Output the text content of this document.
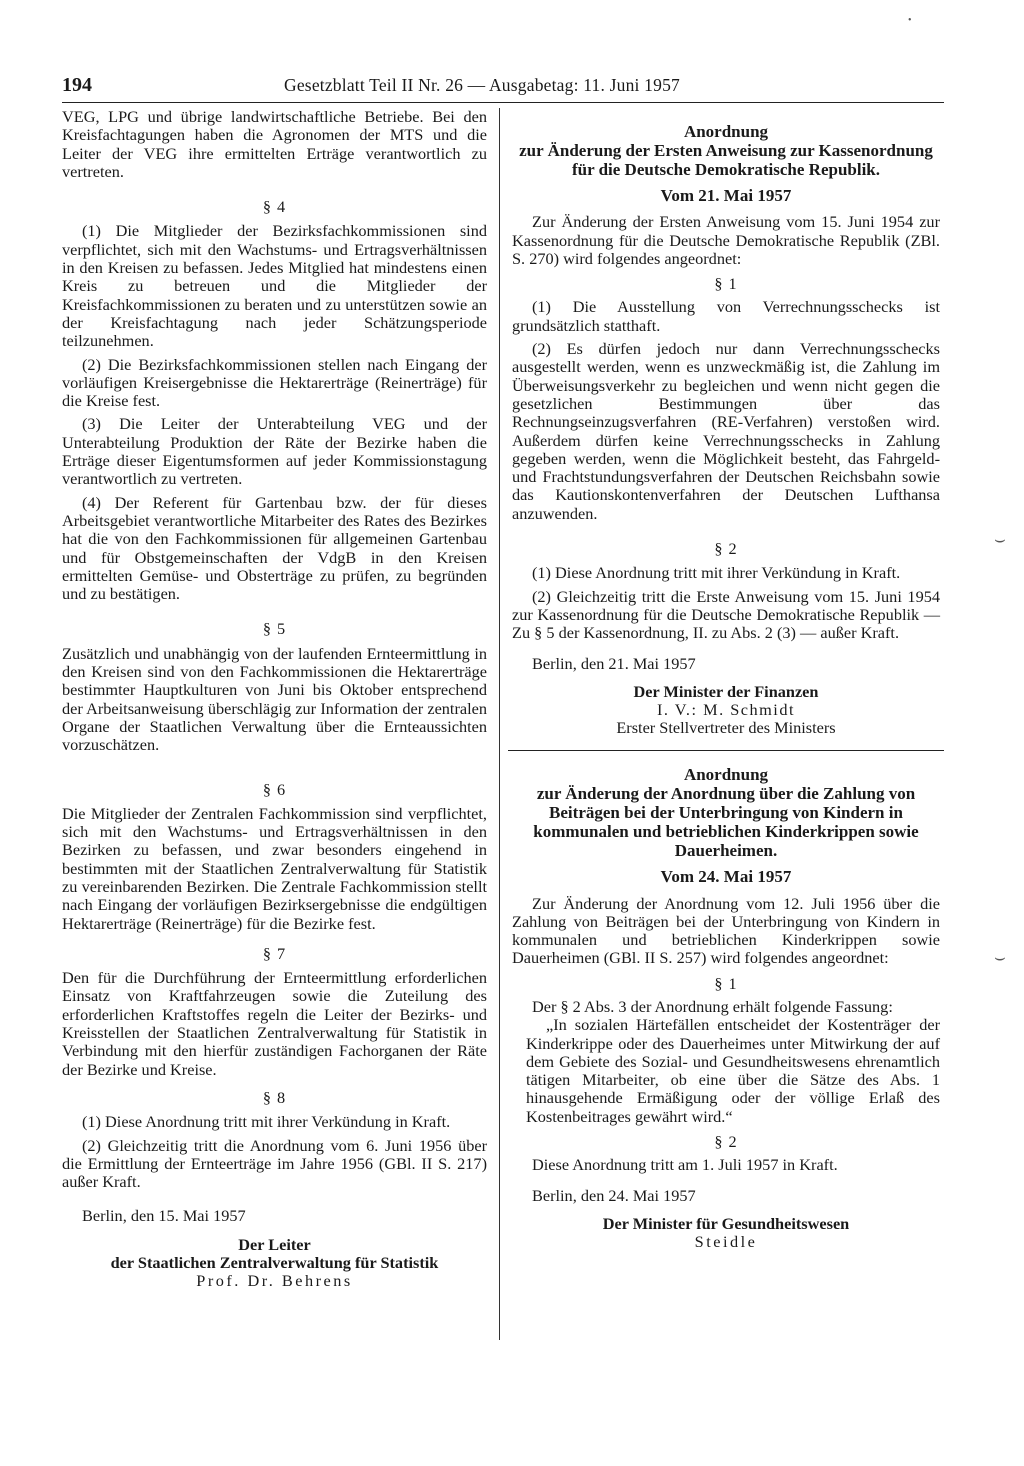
194	Gesetzblatt Teil II Nr. 26 — Ausgabetag: 11. Juni 1957

VEG, LPG und übrige landwirtschaftliche Betriebe. Bei den Kreisfachtagungen haben die Agronomen der MTS und die Leiter der VEG ihre ermittelten Erträge verantwortlich zu vertreten.

§ 4

(1) Die Mitglieder der Bezirksfachkommissionen sind verpflichtet, sich mit den Wachstums- und Ertragsverhältnissen in den Kreisen zu befassen. Jedes Mitglied hat mindestens einen Kreis zu betreuen und die Mitglieder der Kreisfachkommissionen zu beraten und zu unterstützen sowie an der Kreisfachtagung nach jeder Schätzungsperiode teilzunehmen.

(2) Die Bezirksfachkommissionen stellen nach Eingang der vorläufigen Kreisergebnisse die Hektarerträge (Reinerträge) für die Kreise fest.

(3) Die Leiter der Unterabteilung VEG und der Unterabteilung Produktion der Räte der Bezirke haben die Erträge dieser Eigentumsformen auf jeder Kommissionstagung verantwortlich zu vertreten.

(4) Der Referent für Gartenbau bzw. der für dieses Arbeitsgebiet verantwortliche Mitarbeiter des Rates des Bezirkes hat die von den Fachkommissionen für allgemeinen Gartenbau und für Obstgemeinschaften der VdgB in den Kreisen ermittelten Gemüse- und Obsterträge zu prüfen, zu begründen und zu bestätigen.

§ 5

Zusätzlich und unabhängig von der laufenden Ernteermittlung in den Kreisen sind von den Fachkommissionen die Hektarerträge bestimmter Hauptkulturen von Juni bis Oktober entsprechend der Arbeitsanweisung überschlägig zur Information der zentralen Organe der Staatlichen Verwaltung über die Ernteaussichten vorzuschätzen.

§ 6

Die Mitglieder der Zentralen Fachkommission sind verpflichtet, sich mit den Wachstums- und Ertragsverhältnissen in den Bezirken zu befassen, und zwar besonders eingehend in bestimmten mit der Staatlichen Zentralverwaltung für Statistik zu vereinbarenden Bezirken. Die Zentrale Fachkommission stellt nach Eingang der vorläufigen Bezirksergebnisse die endgültigen Hektarerträge (Reinerträge) für die Bezirke fest.

§ 7

Den für die Durchführung der Ernteermittlung erforderlichen Einsatz von Kraftfahrzeugen sowie die Zuteilung des erforderlichen Kraftstoffes regeln die Leiter der Bezirks- und Kreisstellen der Staatlichen Zentralverwaltung für Statistik in Verbindung mit den hierfür zuständigen Fachorganen der Räte der Bezirke und Kreise.

§ 8

(1) Diese Anordnung tritt mit ihrer Verkündung in Kraft.

(2) Gleichzeitig tritt die Anordnung vom 6. Juni 1956 über die Ermittlung der Ernteerträge im Jahre 1956 (GBl. II S. 217) außer Kraft.

Berlin, den 15. Mai 1957

Der Leiter
der Staatlichen Zentralverwaltung für Statistik
Prof. Dr. Behrens
Anordnung
zur Änderung der Ersten Anweisung zur Kassenordnung für die Deutsche Demokratische Republik.
Vom 21. Mai 1957

Zur Änderung der Ersten Anweisung vom 15. Juni 1954 zur Kassenordnung für die Deutsche Demokratische Republik (ZBl. S. 270) wird folgendes angeordnet:

§ 1

(1) Die Ausstellung von Verrechnungsschecks ist grundsätzlich statthaft.

(2) Es dürfen jedoch nur dann Verrechnungsschecks ausgestellt werden, wenn es unzweckmäßig ist, die Zahlung im Überweisungsverkehr zu begleichen und wenn nicht gegen die gesetzlichen Bestimmungen über das Rechnungseinzugsverfahren (RE-Verfahren) verstoßen wird. Außerdem dürfen keine Verrechnungsschecks in Zahlung gegeben werden, wenn die Möglichkeit besteht, das Fahrgeld- und Frachtstundungsverfahren der Deutschen Reichsbahn sowie das Kautionskontenverfahren der Deutschen Lufthansa anzuwenden.

§ 2

(1) Diese Anordnung tritt mit ihrer Verkündung in Kraft.

(2) Gleichzeitig tritt die Erste Anweisung vom 15. Juni 1954 zur Kassenordnung für die Deutsche Demokratische Republik — Zu § 5 der Kassenordnung, II. zu Abs. 2 (3) — außer Kraft.

Berlin, den 21. Mai 1957

Der Minister der Finanzen
I. V.: M. Schmidt
Erster Stellvertreter des Ministers
Anordnung
zur Änderung der Anordnung über die Zahlung von Beiträgen bei der Unterbringung von Kindern in kommunalen und betrieblichen Kinderkrippen sowie Dauerheimen.
Vom 24. Mai 1957

Zur Änderung der Anordnung vom 12. Juli 1956 über die Zahlung von Beiträgen bei der Unterbringung von Kindern in kommunalen und betrieblichen Kinderkrippen sowie Dauerheimen (GBl. II S. 257) wird folgendes angeordnet:

§ 1

Der § 2 Abs. 3 der Anordnung erhält folgende Fassung:

„In sozialen Härtefällen entscheidet der Kostenträger der Kinderkrippe oder des Dauerheimes unter Mitwirkung der auf dem Gebiete des Sozial- und Gesundheitswesens ehrenamtlich tätigen Mitarbeiter, ob eine über die Sätze des Abs. 1 hinausgehende Ermäßigung oder der völlige Erlaß des Kostenbeitrages gewährt wird.“

§ 2

Diese Anordnung tritt am 1. Juli 1957 in Kraft.

Berlin, den 24. Mai 1957

Der Minister für Gesundheitswesen
Steidle
⌣
⌣
•
